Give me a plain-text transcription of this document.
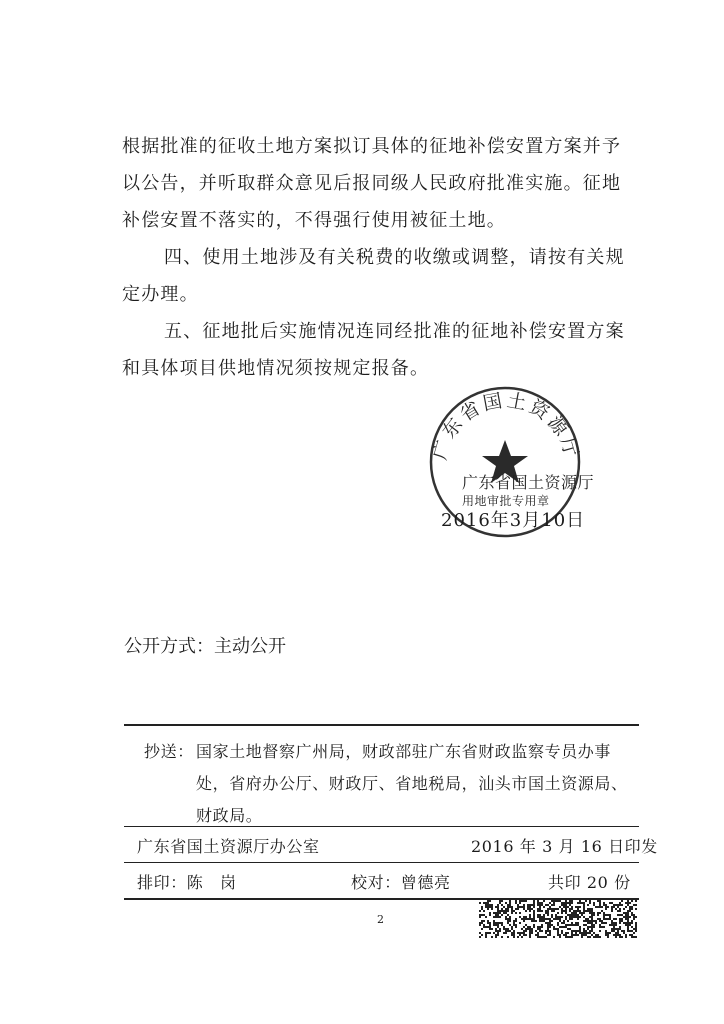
根据批准的征收土地方案拟订具体的征地补偿安置方案并予
以公告，并听取群众意见后报同级人民政府批准实施。征地
补偿安置不落实的，不得强行使用被征土地。

四、使用土地涉及有关税费的收缴或调整，请按有关规
定办理。

五、征地批后实施情况连同经批准的征地补偿安置方案
和具体项目供地情况须按规定报备。

广东省国土资源厅
广东省国土资源厅
用地审批专用章
2016年3月10日
公开方式：主动公开
抄送： 国家土地督察广州局，财政部驻广东省财政监察专员办事
处，省府办公厅、财政厅、省地税局，汕头市国土资源局、
财政局。
广东省国土资源厅办公室	2016 年 3 月 16 日印发
排印：陈　岗	校对：曾德亮	共印 20 份
2
